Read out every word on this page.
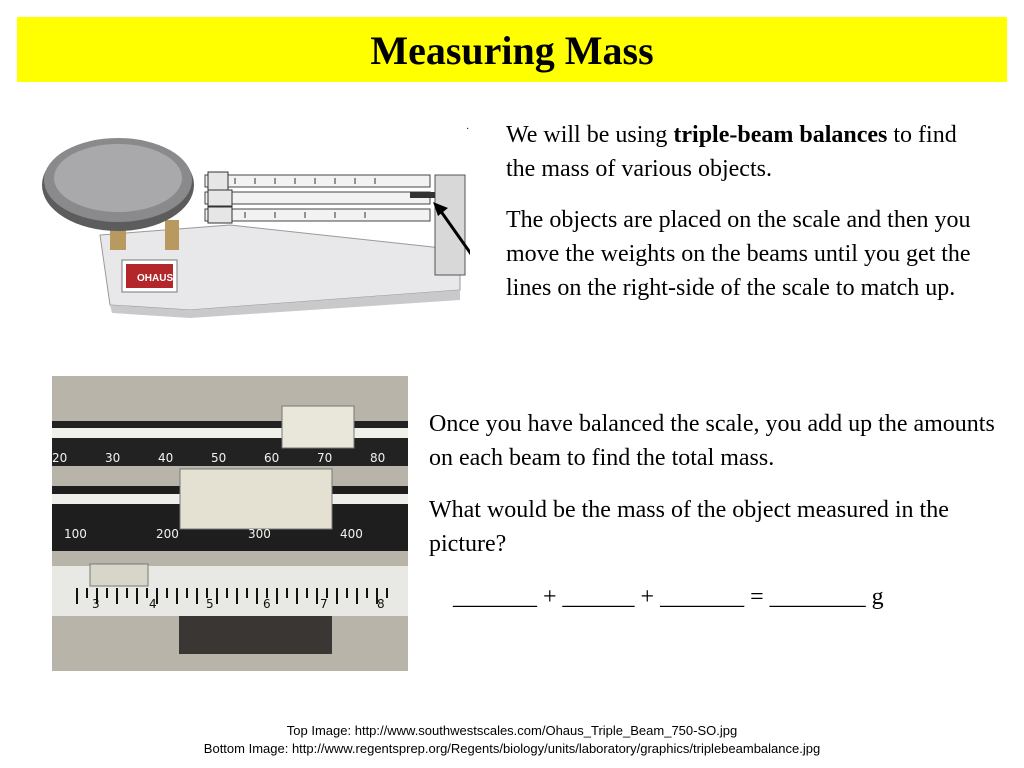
Measuring Mass
OHAUS
· We will be using triple-beam balances to find the mass of various objects.
The objects are placed on the scale and then you move the weights on the beams until you get the lines on the right-side of the scale to match up.
20	30	40	50	60	70	80
100	200	300	400
3	4	5	6	7	8
Once you have balanced the scale, you add up the amounts on each beam to find the total mass.
What would be the mass of the object measured in the picture?
_______ + ______ + _______ = ________ g
Top Image: http://www.southwestscales.com/Ohaus_Triple_Beam_750-SO.jpg
Bottom Image: http://www.regentsprep.org/Regents/biology/units/laboratory/graphics/triplebeambalance.jpg
